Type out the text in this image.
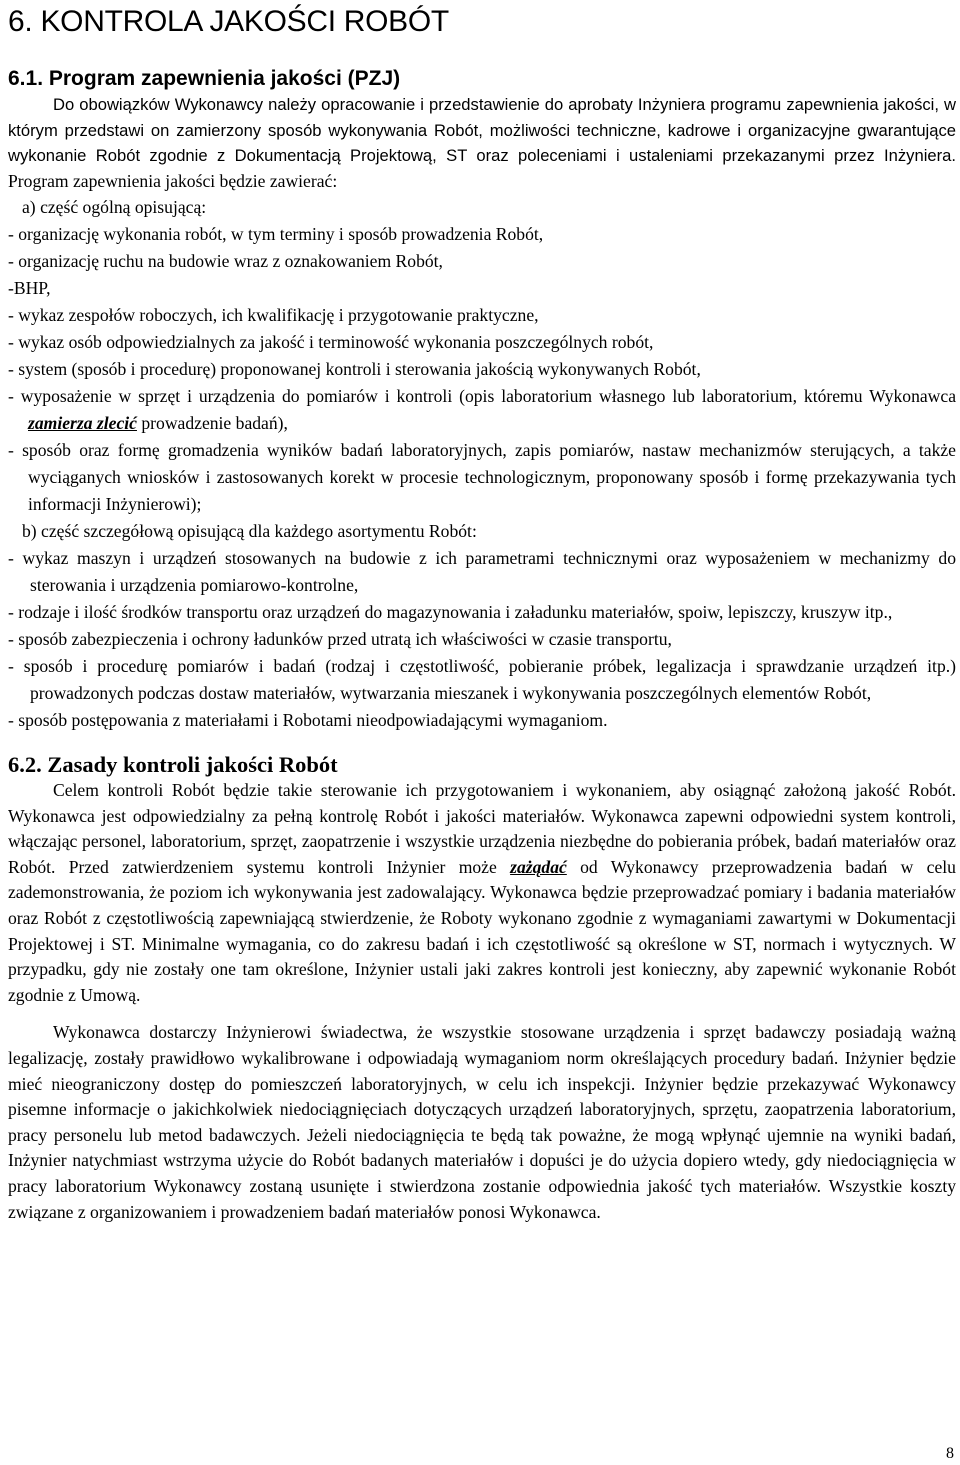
6. KONTROLA JAKOŚCI ROBÓT
6.1. Program zapewnienia jakości (PZJ)

Do obowiązków Wykonawcy należy opracowanie i przedstawienie do aprobaty Inżyniera programu zapewnienia jakości, w którym przedstawi on zamierzony sposób wykonywania Robót, możliwości techniczne, kadrowe i organizacyjne gwarantujące wykonanie Robót zgodnie z Dokumentacją Projektową, ST oraz poleceniami i ustaleniami przekazanymi przez Inżyniera. Program zapewnienia jakości będzie zawierać:

a) część ogólną opisującą:
- organizację wykonania robót, w tym terminy i sposób prowadzenia Robót,
- organizację ruchu na budowie wraz z oznakowaniem Robót,
-BHP,
- wykaz zespołów roboczych, ich kwalifikację i przygotowanie praktyczne,
- wykaz osób odpowiedzialnych za jakość i terminowość wykonania poszczególnych robót,
- system (sposób i procedurę) proponowanej kontroli i sterowania jakością wykonywanych Robót,
- wyposażenie w sprzęt i urządzenia do pomiarów i kontroli (opis laboratorium własnego lub laboratorium, któremu Wykonawca zamierza zlecić prowadzenie badań),
- sposób oraz formę gromadzenia wyników badań laboratoryjnych, zapis pomiarów, nastaw mechanizmów sterujących, a także wyciąganych wniosków i zastosowanych korekt w procesie technologicznym, proponowany sposób i formę przekazywania tych informacji Inżynierowi);
b) część szczegółową opisującą dla każdego asortymentu Robót:
- wykaz maszyn i urządzeń stosowanych na budowie z ich parametrami technicznymi oraz wyposażeniem w mechanizmy do sterowania i urządzenia pomiarowo-kontrolne,
- rodzaje i ilość środków transportu oraz urządzeń do magazynowania i załadunku materiałów, spoiw, lepiszczy, kruszyw itp.,
- sposób zabezpieczenia i ochrony ładunków przed utratą ich właściwości w czasie transportu,
- sposób i procedurę pomiarów i badań (rodzaj i częstotliwość, pobieranie próbek, legalizacja i sprawdzanie urządzeń itp.) prowadzonych podczas dostaw materiałów, wytwarzania mieszanek i wykonywania poszczególnych elementów Robót,
- sposób postępowania z materiałami i Robotami nieodpowiadającymi wymaganiom.
6.2. Zasady kontroli jakości Robót

Celem kontroli Robót będzie takie sterowanie ich przygotowaniem i wykonaniem, aby osiągnąć założoną jakość Robót. Wykonawca jest odpowiedzialny za pełną kontrolę Robót i jakości materiałów. Wykonawca zapewni odpowiedni system kontroli, włączając personel, laboratorium, sprzęt, zaopatrzenie i wszystkie urządzenia niezbędne do pobierania próbek, badań materiałów oraz Robót. Przed zatwierdzeniem systemu kontroli Inżynier może zażądać od Wykonawcy przeprowadzenia badań w celu zademonstrowania, że poziom ich wykonywania jest zadowalający. Wykonawca będzie przeprowadzać pomiary i badania materiałów oraz Robót z częstotliwością zapewniającą stwierdzenie, że Roboty wykonano zgodnie z wymaganiami zawartymi w Dokumentacji Projektowej i ST. Minimalne wymagania, co do zakresu badań i ich częstotliwość są określone w ST, normach i wytycznych. W przypadku, gdy nie zostały one tam określone, Inżynier ustali jaki zakres kontroli jest konieczny, aby zapewnić wykonanie Robót zgodnie z Umową.

Wykonawca dostarczy Inżynierowi świadectwa, że wszystkie stosowane urządzenia i sprzęt badawczy posiadają ważną legalizację, zostały prawidłowo wykalibrowane i odpowiadają wymaganiom norm określających procedury badań. Inżynier będzie mieć nieograniczony dostęp do pomieszczeń laboratoryjnych, w celu ich inspekcji. Inżynier będzie przekazywać Wykonawcy pisemne informacje o jakichkolwiek niedociągnięciach dotyczących urządzeń laboratoryjnych, sprzętu, zaopatrzenia laboratorium, pracy personelu lub metod badawczych. Jeżeli niedociągnięcia te będą tak poważne, że mogą wpłynąć ujemnie na wyniki badań, Inżynier natychmiast wstrzyma użycie do Robót badanych materiałów i dopuści je do użycia dopiero wtedy, gdy niedociągnięcia w pracy laboratorium Wykonawcy zostaną usunięte i stwierdzona zostanie odpowiednia jakość tych materiałów. Wszystkie koszty związane z organizowaniem i prowadzeniem badań materiałów ponosi Wykonawca.

8
